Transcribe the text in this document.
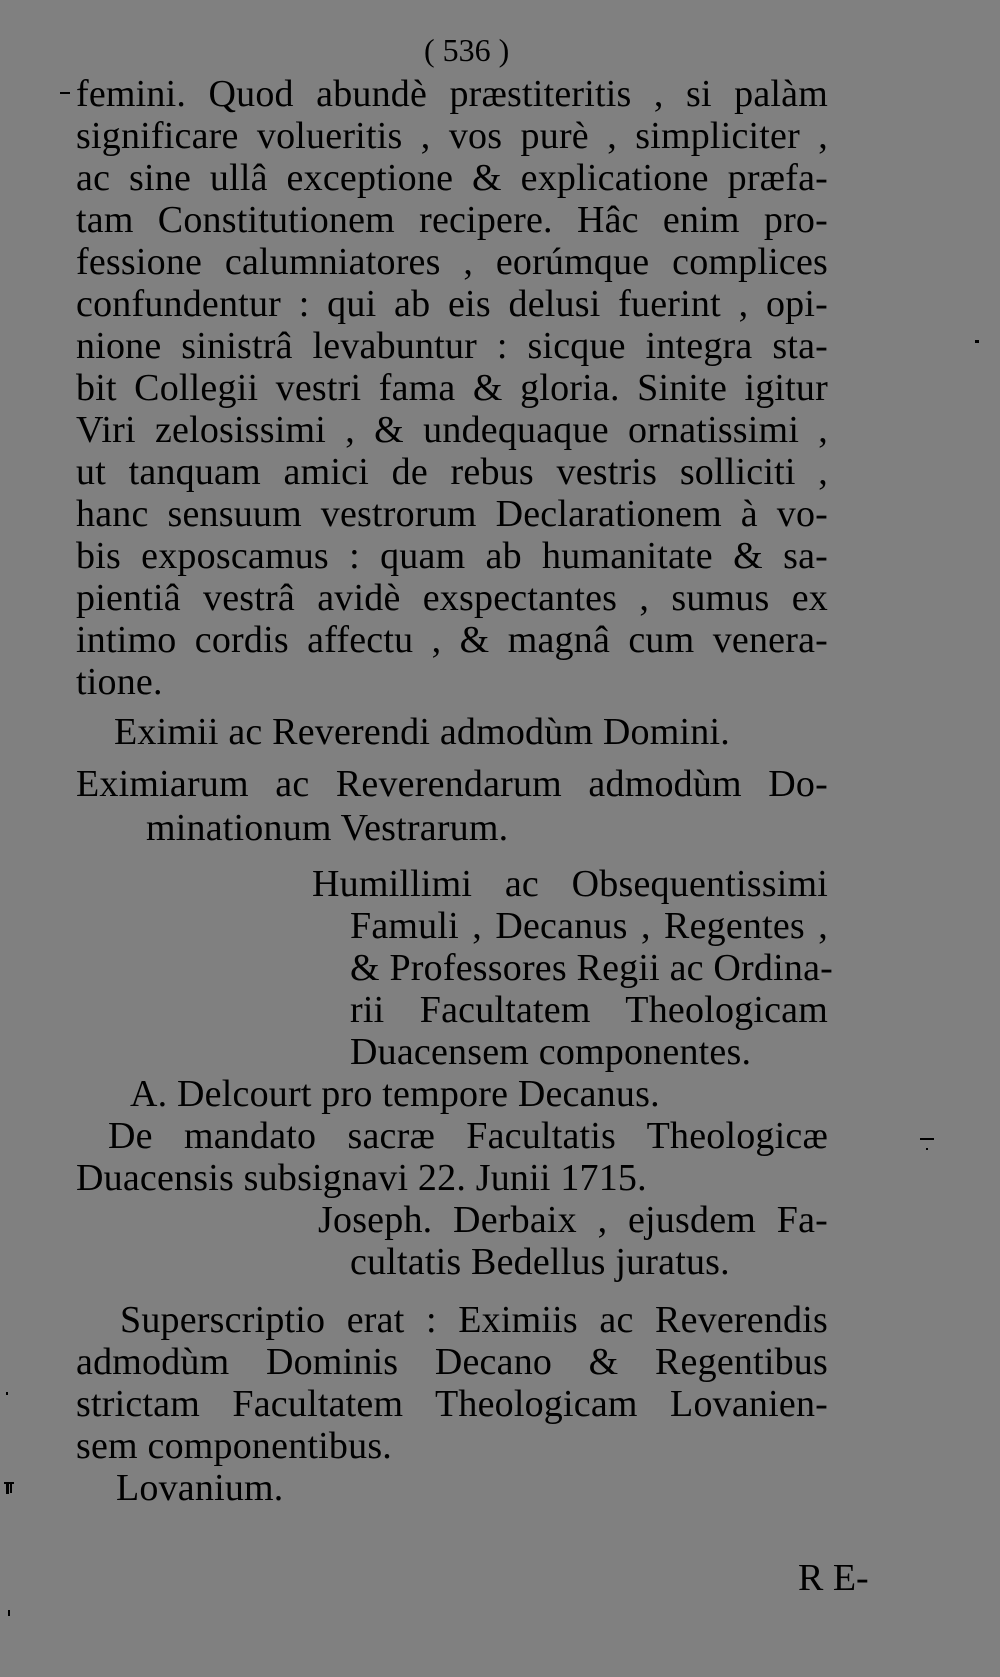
( 536 )
femini. Quod abundè præstiteritis , si palàm
significare volueritis , vos purè , simpliciter ,
ac sine ullâ exceptione & explicatione præfa-
tam Constitutionem recipere. Hâc enim pro-
fessione calumniatores , eorúmque complices
confundentur : qui ab eis delusi fuerint , opi-
nione sinistrâ levabuntur : sicque integra sta-
bit Collegii vestri fama & gloria. Sinite igitur
Viri zelosissimi , & undequaque ornatissimi ,
ut tanquam amici de rebus vestris solliciti ,
hanc sensuum vestrorum Declarationem à vo-
bis exposcamus : quam ab humanitate & sa-
pientiâ vestrâ avidè exspectantes , sumus ex
intimo cordis affectu , & magnâ cum venera-
tione.
Eximii ac Reverendi admodùm Domini.
Eximiarum ac Reverendarum admodùm Do-
minationum Vestrarum.
Humillimi ac Obsequentissimi
Famuli , Decanus , Regentes ,
& Professores Regii ac Ordina-
rii Facultatem Theologicam
Duacensem componentes.
A. Delcourt pro tempore Decanus.
De mandato sacræ Facultatis Theologicæ
Duacensis subsignavi 22. Junii 1715.
Joseph. Derbaix , ejusdem Fa-
cultatis Bedellus juratus.
Superscriptio erat : Eximiis ac Reverendis
admodùm Dominis Decano & Regentibus
strictam Facultatem Theologicam Lovanien-
sem componentibus.
Lovanium.
R E-
